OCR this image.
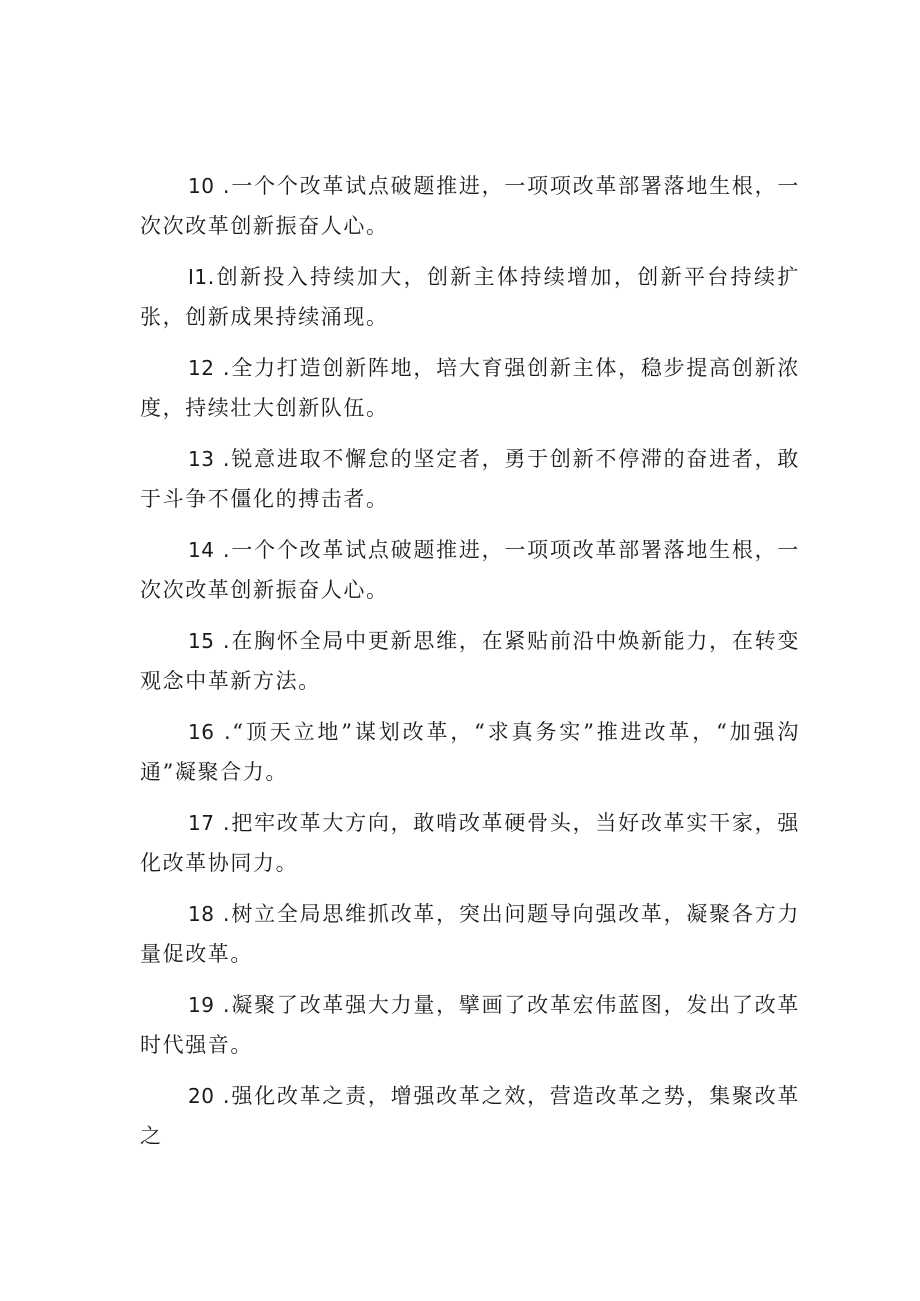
10 .一个个改革试点破题推进，一项项改革部署落地生根，一次次改革创新振奋人心。

I1.创新投入持续加大，创新主体持续增加，创新平台持续扩张，创新成果持续涌现。

12 .全力打造创新阵地，培大育强创新主体，稳步提高创新浓度，持续壮大创新队伍。

13 .锐意进取不懈怠的坚定者，勇于创新不停滞的奋进者，敢于斗争不僵化的搏击者。

14 .一个个改革试点破题推进，一项项改革部署落地生根，一次次改革创新振奋人心。

15 .在胸怀全局中更新思维，在紧贴前沿中焕新能力，在转变观念中革新方法。

16 .“顶天立地”谋划改革，“求真务实”推进改革，“加强沟通”凝聚合力。

17 .把牢改革大方向，敢啃改革硬骨头，当好改革实干家，强化改革协同力。

18 .树立全局思维抓改革，突出问题导向强改革，凝聚各方力量促改革。

19 .凝聚了改革强大力量，擘画了改革宏伟蓝图，发出了改革时代强音。

20 .强化改革之责，增强改革之效，营造改革之势，集聚改革之
